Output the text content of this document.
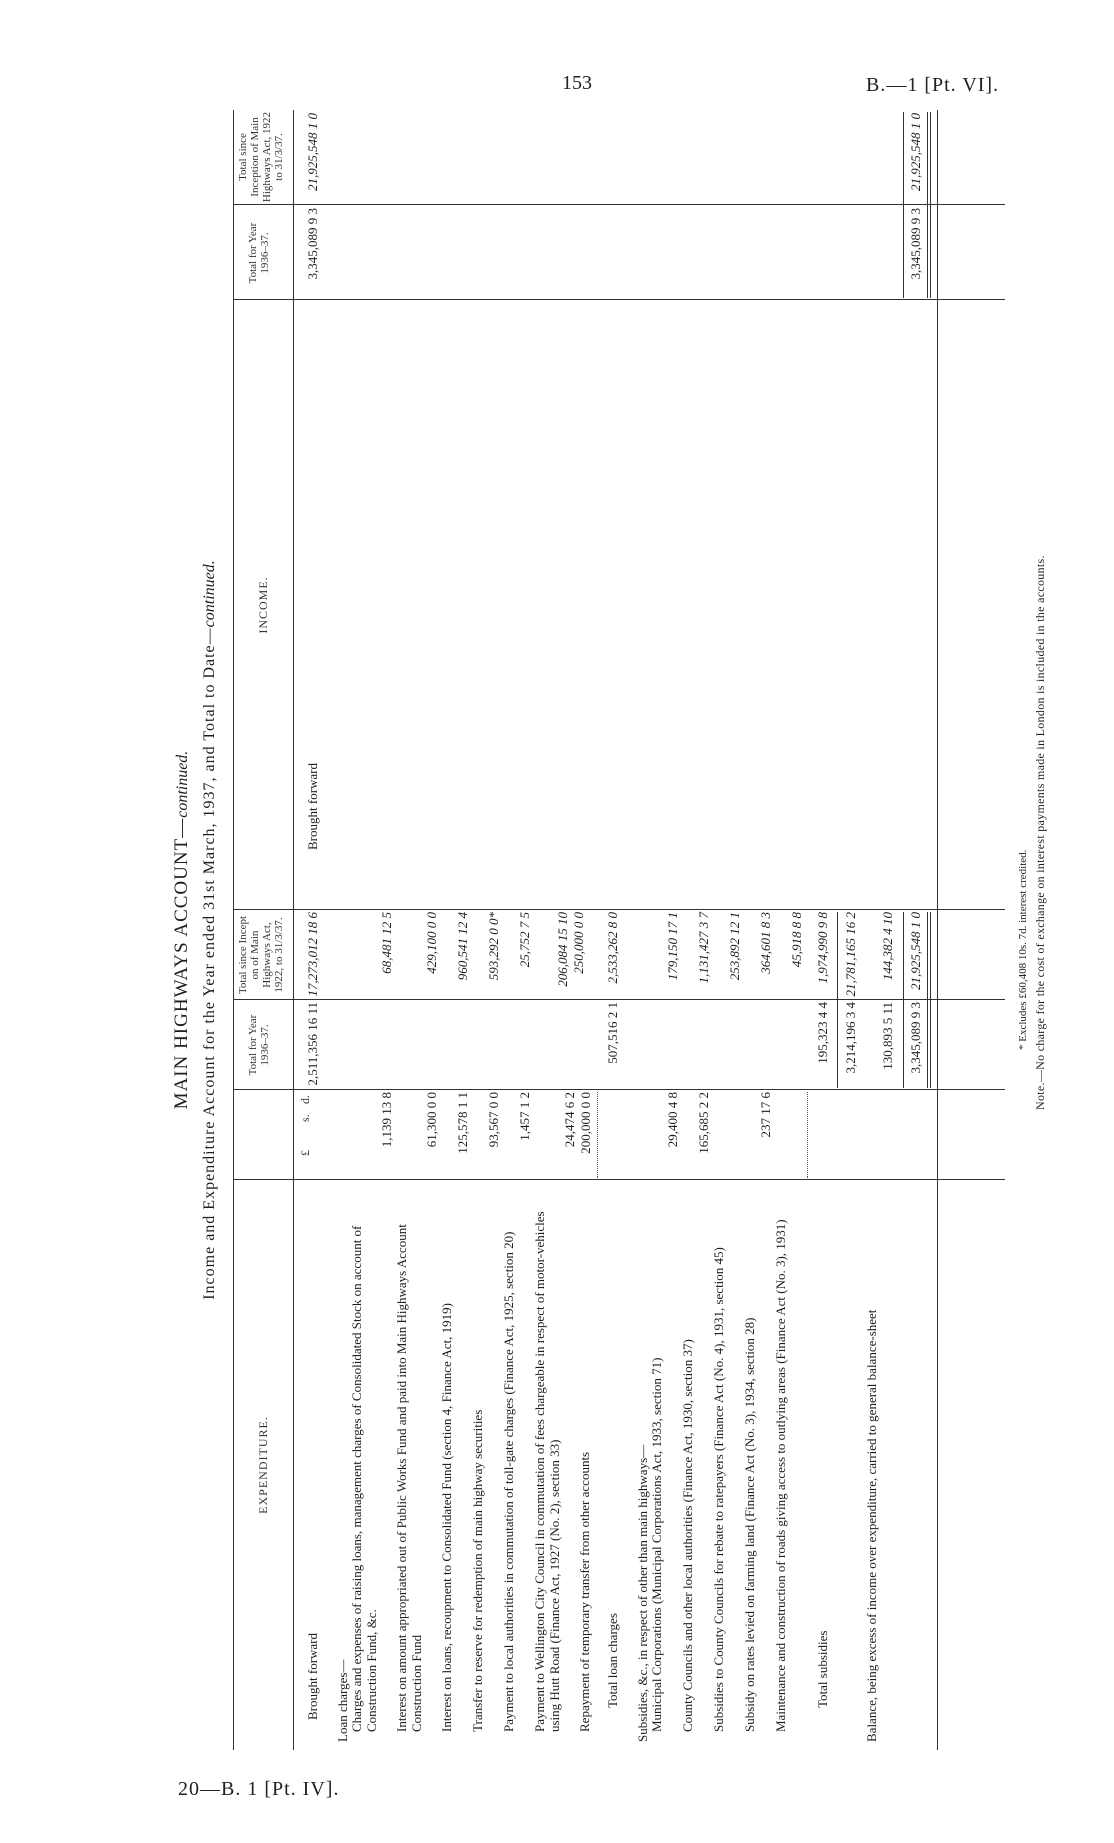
153	B.—1 [Pt. VI].
20—B. 1 [Pt. IV].
MAIN HIGHWAYS ACCOUNT—continued. Income and Expenditure Account for the Year ended 31st March, 1937, and Total to Date—continued.
EXPENDITURE.
Total for Year 1936–37.
Total since Incept on of Main Highways Act, 1922, to 31/3/37.
INCOME.
Total for Year 1936–37.
Total since Inception of Main Highways Act, 1922 to 31/3/37.
£
s.
d.
Brought forward
2,511,356 16 11
17,273,012 18 6
3,345,089 9 3
21,925,548 1 0
Brought forward
Loan charges— Charges and expenses of raising loans, management charges of Consolidated Stock on account of Construction Fund, &c.
1,139 13 8
68,481 12 5
Interest on amount appropriated out of Public Works Fund and paid into Main Highways Account Construction Fund
61,300 0 0
429,100 0 0
Interest on loans, recoupment to Consolidated Fund (section 4, Finance Act, 1919)
125,578 1 1
960,541 12 4
Transfer to reserve for redemption of main highway securities
93,567 0 0
593,292 0 0*
Payment to local authorities in commutation of toll-gate charges (Finance Act, 1925, section 20)
1,457 1 2
25,752 7 5
Payment to Wellington City Council in commutation of fees chargeable in respect of motor-vehicles using Hutt Road (Finance Act, 1927 (No. 2), section 33)
24,474 6 2
206,084 15 10
Repayment of temporary transfer from other accounts
200,000 0 0
250,000 0 0
Total loan charges
507,516 2 1
2,533,262 8 0
Subsidies, &c., in respect of other than main highways— Municipal Corporations (Municipal Corporations Act, 1933, section 71)
29,400 4 8
179,150 17 1
County Councils and other local authorities (Finance Act, 1930, section 37)
165,685 2 2
1,131,427 3 7
Subsidies to County Councils for rebate to ratepayers (Finance Act (No. 4), 1931, section 45)
253,892 12 1
Subsidy on rates levied on farming land (Finance Act (No. 3), 1934, section 28)
237 17 6
364,601 8 3
Maintenance and construction of roads giving access to outlying areas (Finance Act (No. 3), 1931)
45,918 8 8
Total subsidies
195,323 4 4
1,974,990 9 8
3,214,196 3 4
21,781,165 16 2
Balance, being excess of income over expenditure, carried to general balance-sheet
130,893 5 11
144,382 4 10
3,345,089 9 3
21,925,548 1 0
3,345,089 9 3
21,925,548 1 0
* Excludes £60,408 10s. 7d. interest credited. Note.—No charge for the cost of exchange on interest payments made in London is included in the accounts.
